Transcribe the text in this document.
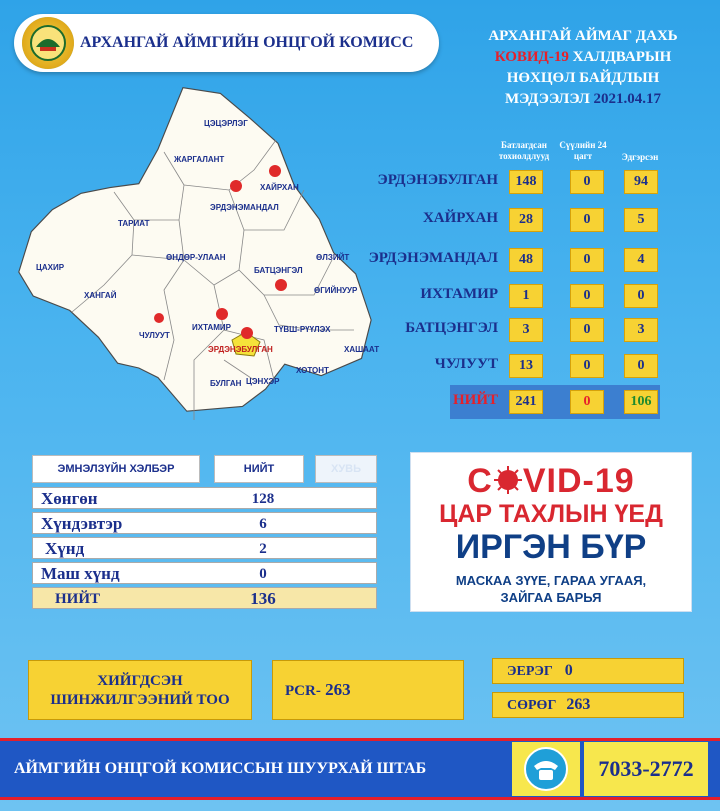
АРХАНГАЙ АЙМГИЙН ОНЦГОЙ КОМИСС	АРХАНГАЙ АЙМАГ ДАХЬ
КОВИД-19 ХАЛДВАРЫН
НӨХЦӨЛ БАЙДЛЫН
МЭДЭЭЛЭЛ 2021.04.17
ЦЭЦЭРЛЭГ
ЖАРГАЛАНТ
ХАЙРХАН
ЭРДЭНЭМАНДАЛ
ТАРИАТ
ӨНДӨР-УЛААН
ЦАХИР
ХАНГАЙ
БАТЦЭНГЭЛ
ӨЛЗИЙТ
ӨГИЙНУУР
ЧУЛУУТ
ИХТАМИР
ЭРДЭНЭБУЛГАН
ТҮВШ-РҮҮЛЭХ
ХАШААТ
ХОТОНТ
БУЛГАН ЦЭНХЭР
Батлагдсан тохиолдлууд
Сүүлийн 24 цагт	Эдгэрсэн
ЭРДЭНЭБУЛГАН	148	0	94
ХАЙРХАН	28	0	5
ЭРДЭНЭМАНДАЛ	48	0	4
ИХТАМИР	1	0	0
БАТЦЭНГЭЛ	3	0	3
ЧУЛУУТ	13	0	0
НИЙТ	241	0	106
ЭМНЭЛЗҮЙН ХЭЛБЭР	НИЙТ	ХУВЬ
Хөнгөн	128
Хүндэвтэр	6
Хүнд	2
Маш хүнд	0
НИЙТ	136
C VID-19
ЦАР ТАХЛЫН ҮЕД
ИРГЭН БҮР
МАСКАА ЗҮҮЕ, ГАРАА УГААЯ,
ЗАЙГАА БАРЬЯ
ХИЙГДСЭН
ШИНЖИЛГЭЭНИЙ ТОО
PCR- 263
ЭЕРЭГ 0
СӨРӨГ 263
АЙМГИЙН ОНЦГОЙ КОМИССЫН ШУУРХАЙ ШТАБ	7033-2772
